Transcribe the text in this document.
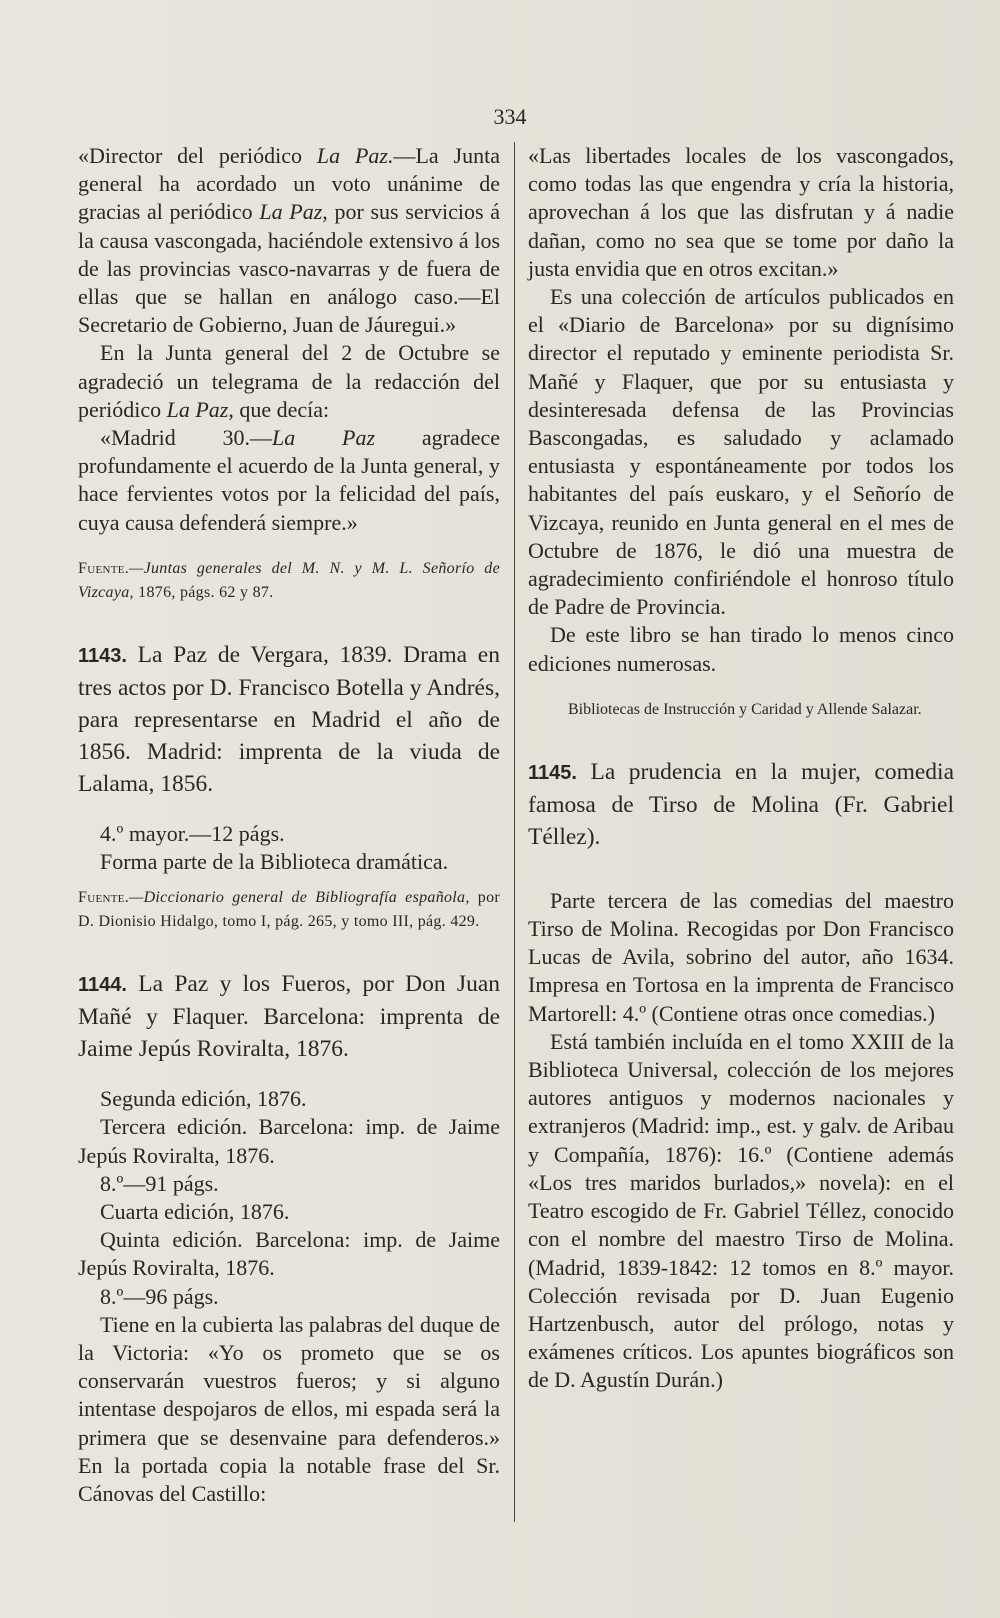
334

«Director del periódico La Paz.—La Junta general ha acordado un voto unánime de gracias al periódico La Paz, por sus servicios á la causa vascongada, haciéndole extensivo á los de las provincias vasco-navarras y de fuera de ellas que se hallan en análogo caso.—El Secretario de Gobierno, Juan de Jáuregui.»

En la Junta general del 2 de Octubre se agradeció un telegrama de la redacción del periódico La Paz, que decía:

«Madrid 30.—La Paz agradece profundamente el acuerdo de la Junta general, y hace fervientes votos por la felicidad del país, cuya causa defenderá siempre.»

Fuente.—Juntas generales del M. N. y M. L. Señorío de Vizcaya, 1876, págs. 62 y 87.

1143. La Paz de Vergara, 1839. Drama en tres actos por D. Francisco Botella y Andrés, para representarse en Madrid el año de 1856. Madrid: imprenta de la viuda de Lalama, 1856.

4.º mayor.—12 págs.

Forma parte de la Biblioteca dramática.

Fuente.—Diccionario general de Bibliografía española, por D. Dionisio Hidalgo, tomo I, pág. 265, y tomo III, pág. 429.

1144. La Paz y los Fueros, por Don Juan Mañé y Flaquer. Barcelona: imprenta de Jaime Jepús Roviralta, 1876.

Segunda edición, 1876.

Tercera edición. Barcelona: imp. de Jaime Jepús Roviralta, 1876.

8.º—91 págs.

Cuarta edición, 1876.

Quinta edición. Barcelona: imp. de Jaime Jepús Roviralta, 1876.

8.º—96 págs.

Tiene en la cubierta las palabras del duque de la Victoria: «Yo os prometo que se os conservarán vuestros fueros; y si alguno intentase despojaros de ellos, mi espada será la primera que se desenvaine para defenderos.» En la portada copia la notable frase del Sr. Cánovas del Castillo:

«Las libertades locales de los vascongados, como todas las que engendra y cría la historia, aprovechan á los que las disfrutan y á nadie dañan, como no sea que se tome por daño la justa envidia que en otros excitan.»

Es una colección de artículos publicados en el «Diario de Barcelona» por su dignísimo director el reputado y eminente periodista Sr. Mañé y Flaquer, que por su entusiasta y desinteresada defensa de las Provincias Bascongadas, es saludado y aclamado entusiasta y espontáneamente por todos los habitantes del país euskaro, y el Señorío de Vizcaya, reunido en Junta general en el mes de Octubre de 1876, le dió una muestra de agradecimiento confiriéndole el honroso título de Padre de Provincia.

De este libro se han tirado lo menos cinco ediciones numerosas.

Bibliotecas de Instrucción y Caridad y Allende Salazar.

1145. La prudencia en la mujer, comedia famosa de Tirso de Molina (Fr. Gabriel Téllez).

Parte tercera de las comedias del maestro Tirso de Molina. Recogidas por Don Francisco Lucas de Avila, sobrino del autor, año 1634. Impresa en Tortosa en la imprenta de Francisco Martorell: 4.º (Contiene otras once comedias.)

Está también incluída en el tomo XXIII de la Biblioteca Universal, colección de los mejores autores antiguos y modernos nacionales y extranjeros (Madrid: imp., est. y galv. de Aribau y Compañía, 1876): 16.º (Contiene además «Los tres maridos burlados,» novela): en el Teatro escogido de Fr. Gabriel Téllez, conocido con el nombre del maestro Tirso de Molina. (Madrid, 1839-1842: 12 tomos en 8.º mayor. Colección revisada por D. Juan Eugenio Hartzenbusch, autor del prólogo, notas y exámenes críticos. Los apuntes biográficos son de D. Agustín Durán.)
